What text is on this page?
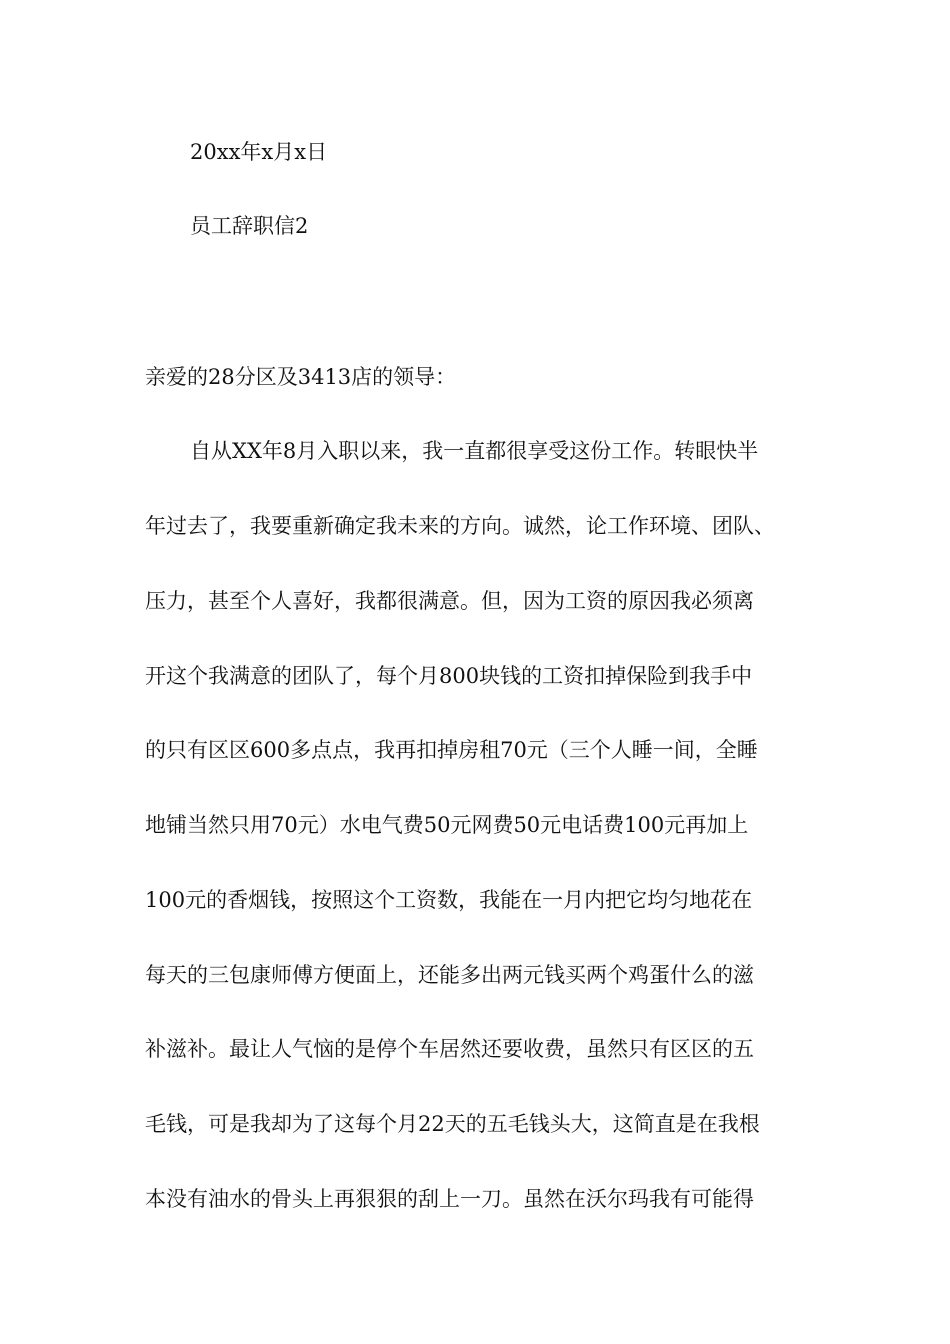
20xx年x月x日

员工辞职信2

亲爱的28分区及3413店的领导：

自从XX年8月入职以来，我一直都很享受这份工作。转眼快半

年过去了，我要重新确定我未来的方向。诚然，论工作环境、团队、

压力，甚至个人喜好，我都很满意。但，因为工资的原因我必须离

开这个我满意的团队了，每个月800块钱的工资扣掉保险到我手中

的只有区区600多点点，我再扣掉房租70元（三个人睡一间，全睡

地铺当然只用70元）水电气费50元网费50元电话费100元再加上

100元的香烟钱，按照这个工资数，我能在一月内把它均匀地花在

每天的三包康师傅方便面上，还能多出两元钱买两个鸡蛋什么的滋

补滋补。最让人气恼的是停个车居然还要收费，虽然只有区区的五

毛钱，可是我却为了这每个月22天的五毛钱头大，这简直是在我根

本没有油水的骨头上再狠狠的刮上一刀。虽然在沃尔玛我有可能得
